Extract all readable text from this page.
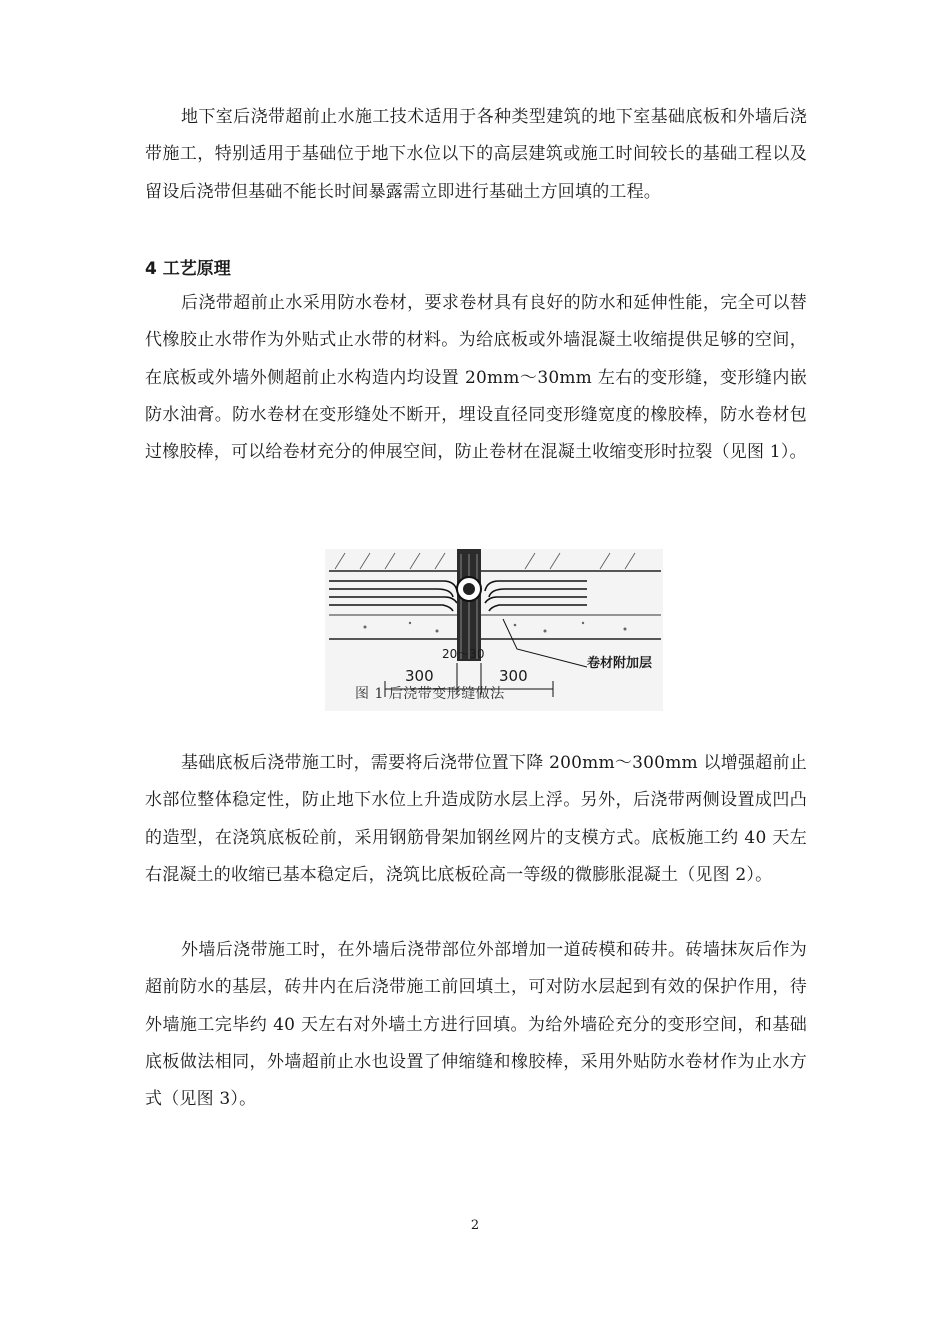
地下室后浇带超前止水施工技术适用于各种类型建筑的地下室基础底板和外墙后浇带施工，特别适用于基础位于地下水位以下的高层建筑或施工时间较长的基础工程以及留设后浇带但基础不能长时间暴露需立即进行基础土方回填的工程。

4 工艺原理

后浇带超前止水采用防水卷材，要求卷材具有良好的防水和延伸性能，完全可以替代橡胶止水带作为外贴式止水带的材料。为给底板或外墙混凝土收缩提供足够的空间，在底板或外墙外侧超前止水构造内均设置 20mm～30mm 左右的变形缝，变形缝内嵌防水油膏。防水卷材在变形缝处不断开，埋设直径同变形缝宽度的橡胶棒，防水卷材包过橡胶棒，可以给卷材充分的伸展空间，防止卷材在混凝土收缩变形时拉裂（见图 1）。

20～30
300	300
卷材附加层
图 1 后浇带变形缝做法

基础底板后浇带施工时，需要将后浇带位置下降 200mm～300mm 以增强超前止水部位整体稳定性，防止地下水位上升造成防水层上浮。另外，后浇带两侧设置成凹凸的造型，在浇筑底板砼前，采用钢筋骨架加钢丝网片的支模方式。底板施工约 40 天左右混凝土的收缩已基本稳定后，浇筑比底板砼高一等级的微膨胀混凝土（见图 2）。

外墙后浇带施工时，在外墙后浇带部位外部增加一道砖模和砖井。砖墙抹灰后作为超前防水的基层，砖井内在后浇带施工前回填土，可对防水层起到有效的保护作用，待外墙施工完毕约 40 天左右对外墙土方进行回填。为给外墙砼充分的变形空间，和基础底板做法相同，外墙超前止水也设置了伸缩缝和橡胶棒，采用外贴防水卷材作为止水方式（见图 3）。

2
